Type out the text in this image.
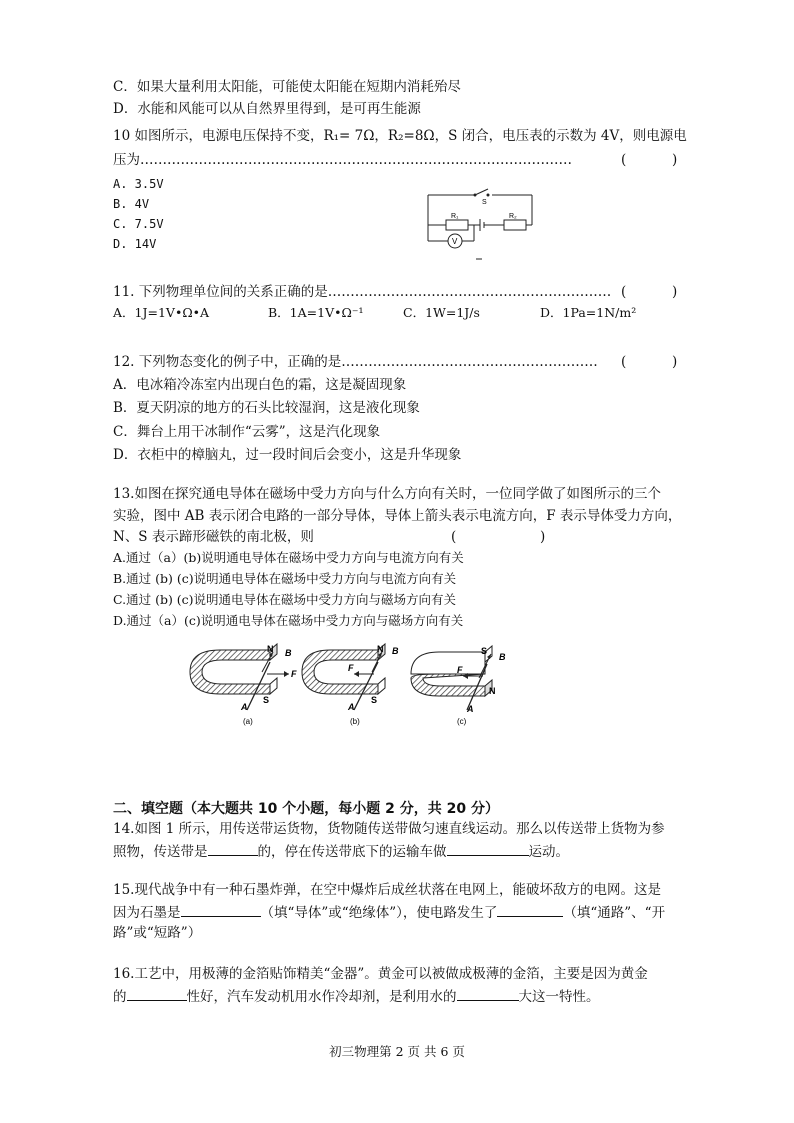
C．如果大量利用太阳能，可能使太阳能在短期内消耗殆尽
D．水能和风能可以从自然界里得到，是可再生能源
10 如图所示，电源电压保持不变，R₁= 7Ω，R₂=8Ω，S 闭合，电压表的示数为 4V，则电源电
压为……………………………………………………………………………………	(	)
A. 3.5V
B. 4V
C. 7.5V
D. 14V
S
R₁	R₂
V
11. 下列物理单位间的关系正确的是……………………………………………………… (	)
A．1J=1V•Ω•A	B．1A=1V•Ω⁻¹	C．1W=1J/s	D．1Pa=1N/m²
12. 下列物态变化的例子中，正确的是………………………………………………… (	)
A．电冰箱冷冻室内出现白色的霜，这是凝固现象
B．夏天阴凉的地方的石头比较湿润，这是液化现象
C．舞台上用干冰制作“云雾”，这是汽化现象
D．衣柜中的樟脑丸，过一段时间后会变小，这是升华现象
13.如图在探究通电导体在磁场中受力方向与什么方向有关时，一位同学做了如图所示的三个
实验，图中 AB 表示闭合电路的一部分导体，导体上箭头表示电流方向，F 表示导体受力方向，
N、S 表示蹄形磁铁的南北极，则	(	)
A.通过（a）(b)说明通电导体在磁场中受力方向与电流方向有关
B.通过 (b) (c)说明通电导体在磁场中受力方向与电流方向有关
C.通过 (b) (c)说明通电导体在磁场中受力方向与磁场方向有关
D.通过（a）(c)说明通电导体在磁场中受力方向与磁场方向有关
N
S
B
F
A
(a)
N
S
B
F
A
(b)
S
N
B
F
A
(c)
二、填空题（本大题共 10 个小题，每小题 2 分，共 20 分）
14.如图 1 所示，用传送带运货物，货物随传送带做匀速直线运动。那么以传送带上货物为参
照物，传送带是	的，停在传送带底下的运输车做	运动。
15.现代战争中有一种石墨炸弹，在空中爆炸后成丝状落在电网上，能破坏敌方的电网。这是
因为石墨是	（填“导体”或“绝缘体”），使电路发生了	（填“通路”、“开
路”或“短路”）
16.工艺中，用极薄的金箔贴饰精美“金器”。黄金可以被做成极薄的金箔，主要是因为黄金
的	性好，汽车发动机用水作冷却剂，是利用水的	大这一特性。
初三物理第 2 页 共 6 页
